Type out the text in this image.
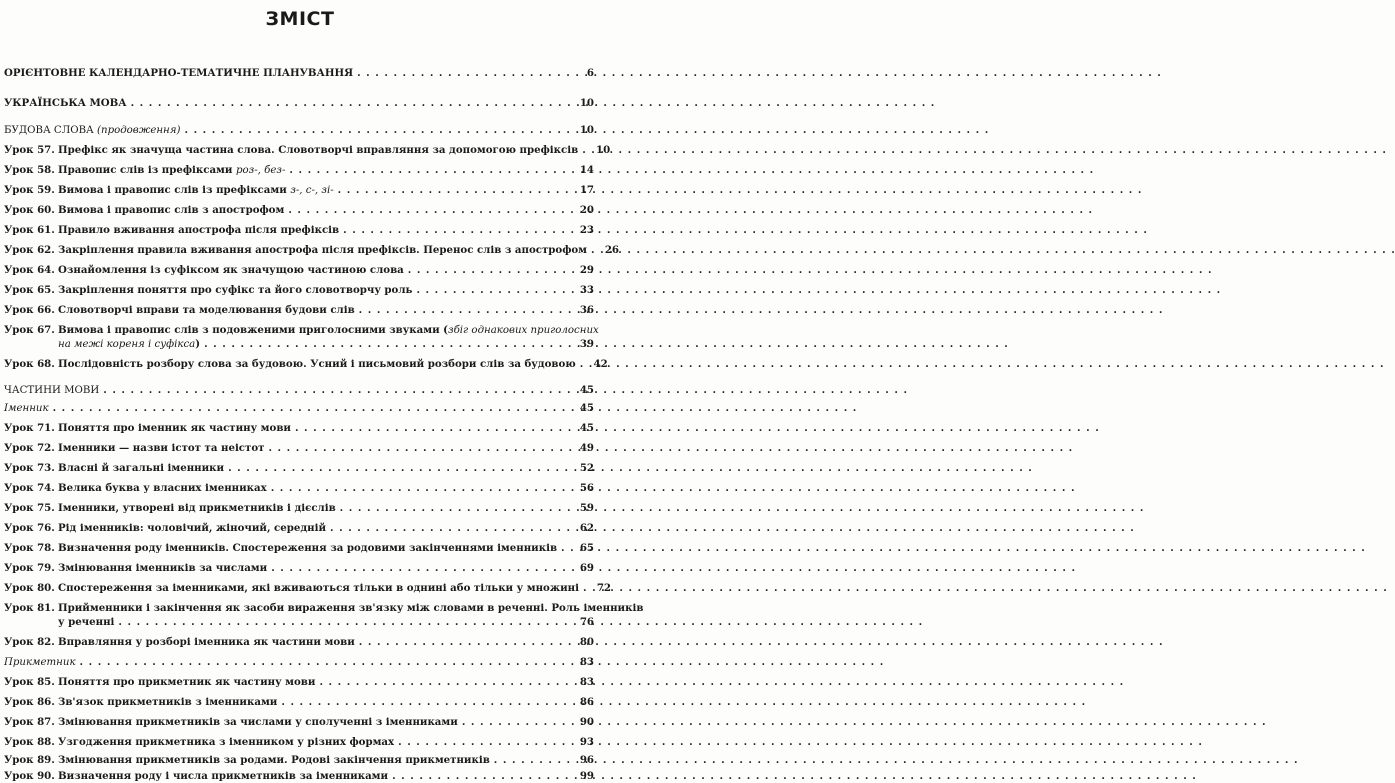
ЗМІСТ
ОРІЄНТОВНЕ КАЛЕНДАРНО-ТЕМАТИЧНЕ ПЛАНУВАННЯ . . .	6
УКРАЇНСЬКА МОВА . . .	10
БУДОВА СЛОВА (продовження) . . .	10
Урок 57. Префікс як значуща частина слова. Словотворчі вправляння за допомогою префіксів . . . 10
Урок 58. Правопис слів із префіксами роз-, без- . . .	14
Урок 59. Вимова і правопис слів із префіксами з-, с-, зі- . . .	17
Урок 60. Вимова і правопис слів з апострофом . . .	20
Урок 61. Правило вживання апострофа після префіксів . . .	23
Урок 62. Закріплення правила вживання апострофа після префіксів. Перенос слів з апострофом . . . 26
Урок 64. Ознайомлення із суфіксом як значущою частиною слова . . .	29
Урок 65. Закріплення поняття про суфікс та його словотворчу роль . . .	33
Урок 66. Словотворчі вправи та моделювання будови слів . . .	36
Урок 67. Вимова і правопис слів з подовженими приголосними звуками (збіг однакових приголосних
на межі кореня і суфікса) . . .	39
Урок 68. Послідовність розбору слова за будовою. Усний і письмовий розбори слів за будовою . . . 42
ЧАСТИНИ МОВИ . . .	45
Іменник . . .	45
Урок 71. Поняття про іменник як частину мови . . .	45
Урок 72. Іменники — назви істот та неістот . . .	49
Урок 73. Власні й загальні іменники . . .	52
Урок 74. Велика буква у власних іменниках . . .	56
Урок 75. Іменники, утворені від прикметників і дієслів . . .	59
Урок 76. Рід іменників: чоловічий, жіночий, середній . . .	62
Урок 78. Визначення роду іменників. Спостереження за родовими закінченнями іменників . . . 65
Урок 79. Змінювання іменників за числами . . .	69
Урок 80. Спостереження за іменниками, які вживаються тільки в однині або тільки у множині . . . 72
Урок 81. Прийменники і закінчення як засоби вираження зв'язку між словами в реченні. Роль іменників
у реченні . . .	76
Урок 82. Вправляння у розборі іменника як частини мови . . .	80
Прикметник . . .	83
Урок 85. Поняття про прикметник як частину мови . . .	83
Урок 86. Зв'язок прикметників з іменниками . . .	86
Урок 87. Змінювання прикметників за числами у сполученні з іменниками . . .	90
Урок 88. Узгодження прикметника з іменником у різних формах . . .	93
Урок 89. Змінювання прикметників за родами. Родові закінчення прикметників . . .	96
Урок 90. Визначення роду і числа прикметників за іменниками . . .	99
